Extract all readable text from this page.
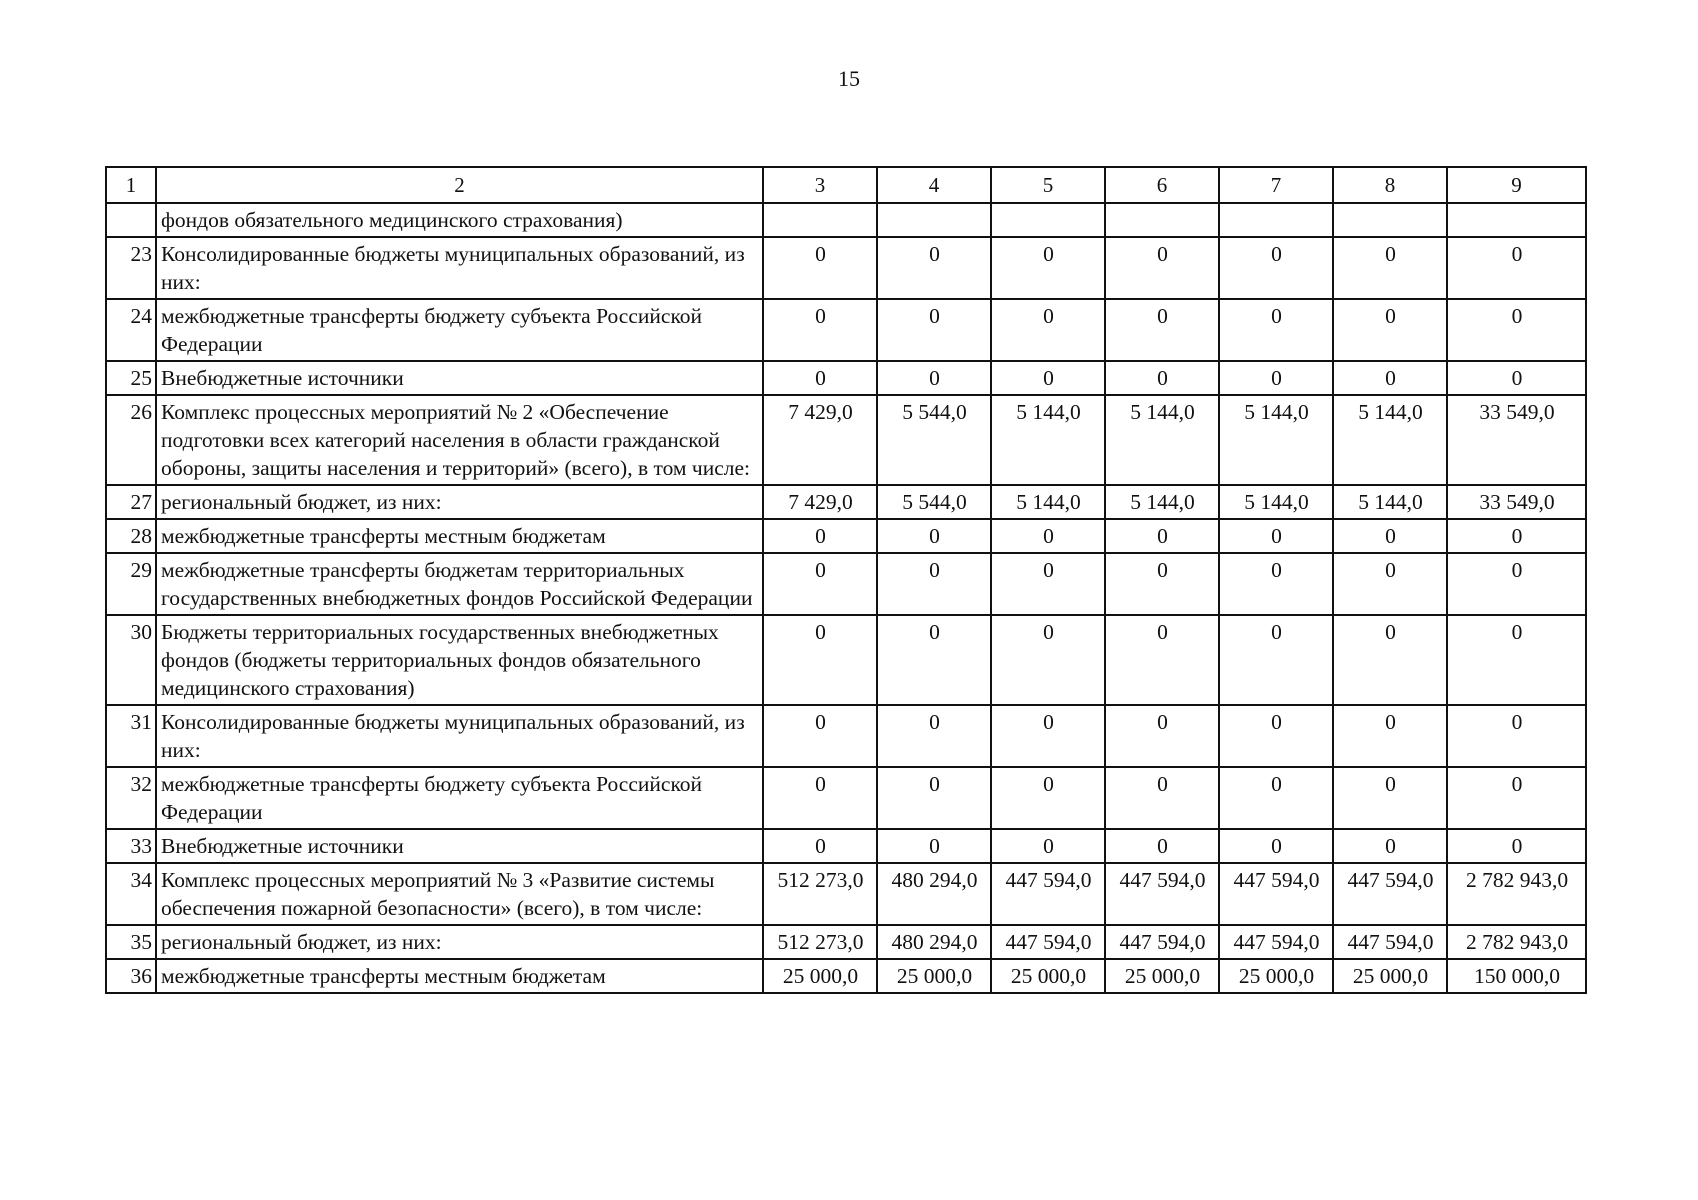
15
1	2	3	4	5	6	7	8	9
	фондов обязательного медицинского страхования)							
23	Консолидированные бюджеты муниципальных образований, из них:	0	0	0	0	0	0	0
24	межбюджетные трансферты бюджету субъекта Российской Федерации	0	0	0	0	0	0	0
25	Внебюджетные источники	0	0	0	0	0	0	0
26	Комплекс процессных мероприятий № 2 «Обеспечение подготовки всех категорий населения в области гражданской обороны, защиты населения и территорий» (всего), в том числе:	7 429,0	5 544,0	5 144,0	5 144,0	5 144,0	5 144,0	33 549,0
27	региональный бюджет, из них:	7 429,0	5 544,0	5 144,0	5 144,0	5 144,0	5 144,0	33 549,0
28	межбюджетные трансферты местным бюджетам	0	0	0	0	0	0	0
29	межбюджетные трансферты бюджетам территориальных государственных внебюджетных фондов Российской Федерации	0	0	0	0	0	0	0
30	Бюджеты территориальных государственных внебюджетных фондов (бюджеты территориальных фондов обязательного медицинского страхования)	0	0	0	0	0	0	0
31	Консолидированные бюджеты муниципальных образований, из них:	0	0	0	0	0	0	0
32	межбюджетные трансферты бюджету субъекта Российской Федерации	0	0	0	0	0	0	0
33	Внебюджетные источники	0	0	0	0	0	0	0
34	Комплекс процессных мероприятий № 3 «Развитие системы обеспечения пожарной безопасности» (всего), в том числе:	512 273,0	480 294,0	447 594,0	447 594,0	447 594,0	447 594,0	2 782 943,0
35	региональный бюджет, из них:	512 273,0	480 294,0	447 594,0	447 594,0	447 594,0	447 594,0	2 782 943,0
36	межбюджетные трансферты местным бюджетам	25 000,0	25 000,0	25 000,0	25 000,0	25 000,0	25 000,0	150 000,0
